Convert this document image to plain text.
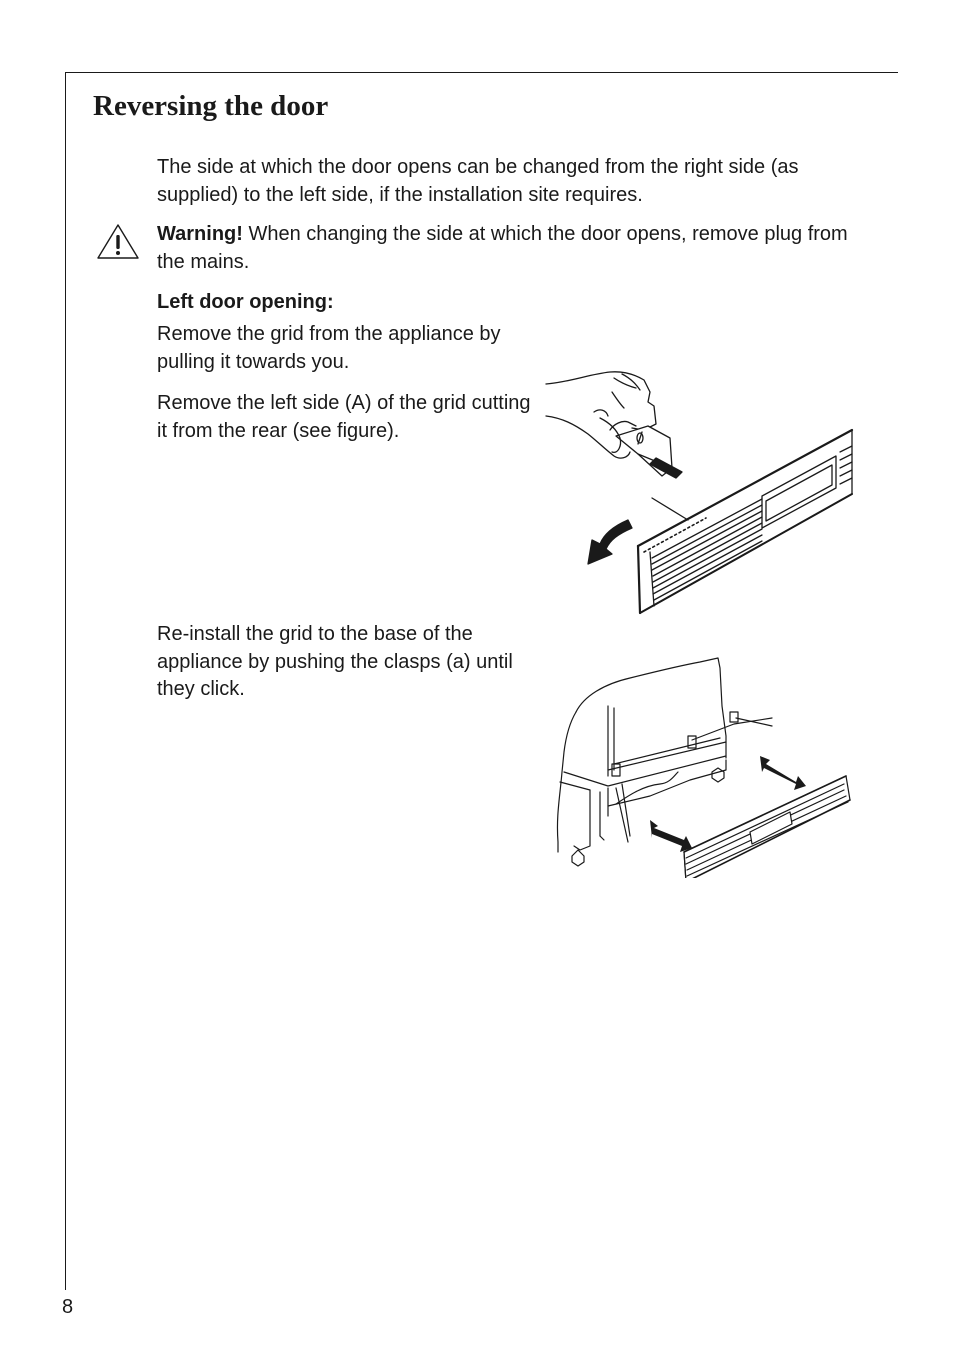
Reversing the door

The side at which the door opens can be changed from the right side (as supplied) to the left side, if the installation site requires.

Warning! When changing the side at which the door opens, remove plug from the mains.

Left door opening:

Remove the grid from the appliance by pulling it towards you.

Remove the left side (A) of the grid cutting it from the rear (see figure).

Re-install the grid to the base of the appliance by pushing the clasps (a) until they click.

8
